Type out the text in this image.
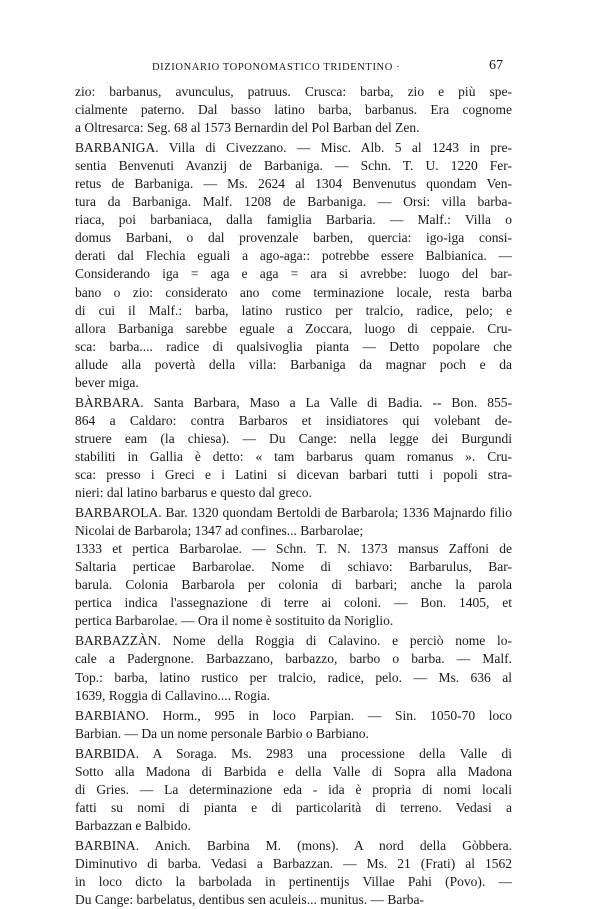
DIZIONARIO TOPONOMASTICO TRIDENTINO ·	67
zio: barbanus, avunculus, patruus. Crusca: barba, zio e più spe-
cialmente paterno. Dal basso latino barba, barbanus. Era cognome
a Oltresarca: Seg. 68 al 1573 Bernardin del Pol Barban del Zen.
BARBANIGA. Villa di Civezzano. — Misc. Alb. 5 al 1243 in pre-
sentia Benvenuti Avanzij de Barbaniga. — Schn. T. U. 1220 Fer-
retus de Barbaniga. — Ms. 2624 al 1304 Benvenutus quondam Ven-
tura da Barbaniga. Malf. 1208 de Barbaniga. — Orsi: villa barba-
riaca, poi barbaniaca, dalla famiglia Barbaria. — Malf.: Villa o
domus Barbani, o dal provenzale barben, quercia: igo-iga consi-
derati dal Flechia eguali a ago-aga:: potrebbe essere Balbianica. —
Considerando iga = aga e aga = ara si avrebbe: luogo del bar-
bano o zio: considerato ano come terminazione locale, resta barba
di cui il Malf.: barba, latino rustico per tralcio, radice, pelo; e
allora Barbaniga sarebbe eguale a Zoccara, luogo di ceppaie. Cru-
sca: barba.... radice di qualsivoglia pianta — Detto popolare che
allude alla povertà della villa: Barbaniga da magnar poch e da
bever miga.
BÀRBARA. Santa Barbara, Maso a La Valle di Badia. -- Bon. 855-
864 a Caldaro: contra Barbaros et insidiatores qui volebant de-
struere eam (la chiesa). — Du Cange: nella legge dei Burgundi
stabiliti in Gallia è detto: « tam barbarus quam romanus ». Cru-
sca: presso i Greci e i Latini si dicevan barbari tutti i popoli stra-
nieri: dal latino barbarus e questo dal greco.
BARBAROLA. Bar. 1320 quondam Bertoldi de Barbarola; 1336 Majnardo filio Nicolai de Barbarola; 1347 ad confines... Barbarolae;
1333 et pertica Barbarolae. — Schn. T. N. 1373 mansus Zaffoni de
Saltaria perticae Barbarolae. Nome di schiavo: Barbarulus, Bar-
barula. Colonia Barbarola per colonia di barbari; anche la parola
pertica indica l'assegnazione di terre ai coloni. — Bon. 1405, et
pertica Barbarolae. — Ora il nome è sostituito da Noriglio.
BARBAZZÀN. Nome della Roggia di Calavino. e perciò nome lo-
cale a Padergnone. Barbazzano, barbazzo, barbo o barba. — Malf.
Top.: barba, latino rustico per tralcio, radice, pelo. — Ms. 636 al
1639, Roggia di Callavino.... Rogia.
BARBIANO. Horm., 995 in loco Parpian. — Sin. 1050-70 loco
Barbian. — Da un nome personale Barbio o Barbiano.
BARBIDA. A Soraga. Ms. 2983 una processione della Valle di
Sotto alla Madona di Barbida e della Valle di Sopra alla Madona
di Gries. — La determinazione eda - ida è propria di nomi locali
fatti su nomi di pianta e di particolarità di terreno. Vedasi a
Barbazzan e Balbido.
BARBINA. Anich. Barbina M. (mons). A nord della Gòbbera.
Diminutivo di barba. Vedasi a Barbazzan. — Ms. 21 (Frati) al 1562
in loco dicto la barbolada in pertinentijs Villae Pahi (Povo). —
Du Cange: barbelatus, dentibus sen aculeis... munitus. — Barba-
